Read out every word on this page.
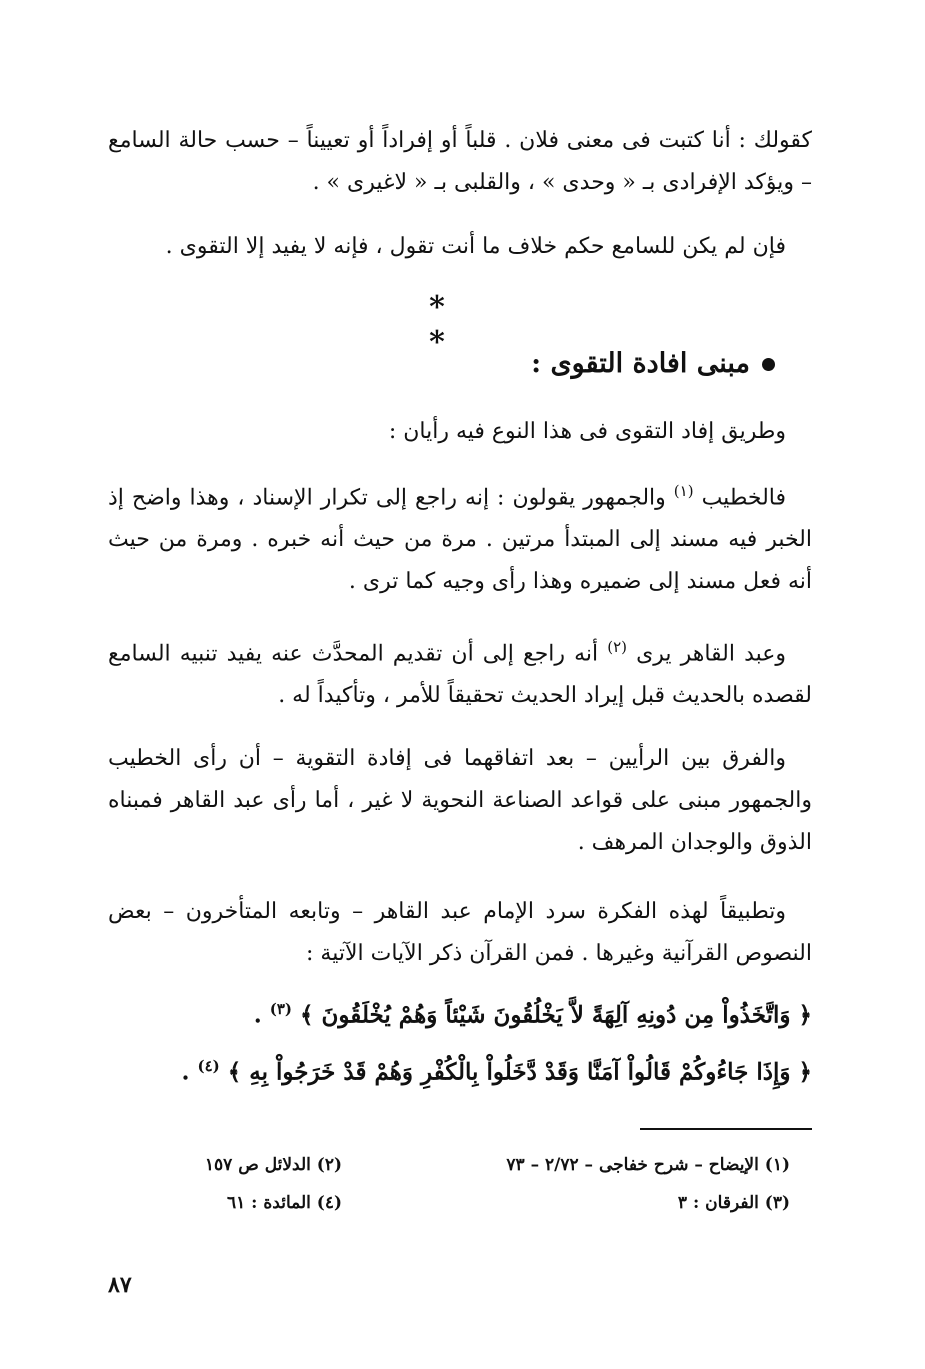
كقولك : أنا كتبت فى معنى فلان . قلباً أو إفراداً أو تعييناً – حسب حالة السامع – ويؤكد الإفرادى بـ « وحدى » ، والقلبى بـ « لاغيرى » .

فإن لم يكن للسامع حكم خلاف ما أنت تقول ، فإنه لا يفيد إلا التقوى .

* *
مبنى افادة التقوى :

وطريق إفاد التقوى فى هذا النوع فيه رأيان :

فالخطيب $^{(١)}$ والجمهور يقولون : إنه راجع إلى تكرار الإسناد ، وهذا واضح إذ الخبر فيه مسند إلى المبتدأ مرتين . مرة من حيث أنه خبره . ومرة من حيث أنه فعل مسند إلى ضميره وهذا رأى وجيه كما ترى .

وعبد القاهر يرى $^{(٢)}$ أنه راجع إلى أن تقديم المحدَّث عنه يفيد تنبيه السامع لقصده بالحديث قبل إيراد الحديث تحقيقاً للأمر ، وتأكيداً له .

والفرق بين الرأيين – بعد اتفاقهما فى إفادة التقوية – أن رأى الخطيب والجمهور مبنى على قواعد الصناعة النحوية لا غير ، أما رأى عبد القاهر فمبناه الذوق والوجدان المرهف .

وتطبيقاً لهذه الفكرة سرد الإمام عبد القاهر – وتابعه المتأخرون – بعض النصوص القرآنية وغيرها . فمن القرآن ذكر الآيات الآتية :

﴿ وَاتَّخَذُواْ مِن دُونِهِ آلِهَةً لاَّ يَخْلُقُونَ شَيْئاً وَهُمْ يُخْلَقُونَ ﴾ $^{(٣)}$ .
﴿ وَإِذَا جَاءُوكُمْ قَالُواْ آمَنَّا وَقَدْ دَّخَلُواْ بِالْكُفْرِ وَهُمْ قَدْ خَرَجُواْ بِهِ ﴾ $^{(٤)}$ .
(١) الإيضاح – شرح خفاجى – ٢/٧٢ – ٧٣
(٢) الدلائل ص ١٥٧
(٣) الفرقان : ٣
(٤) المائدة : ٦١
٨٧
